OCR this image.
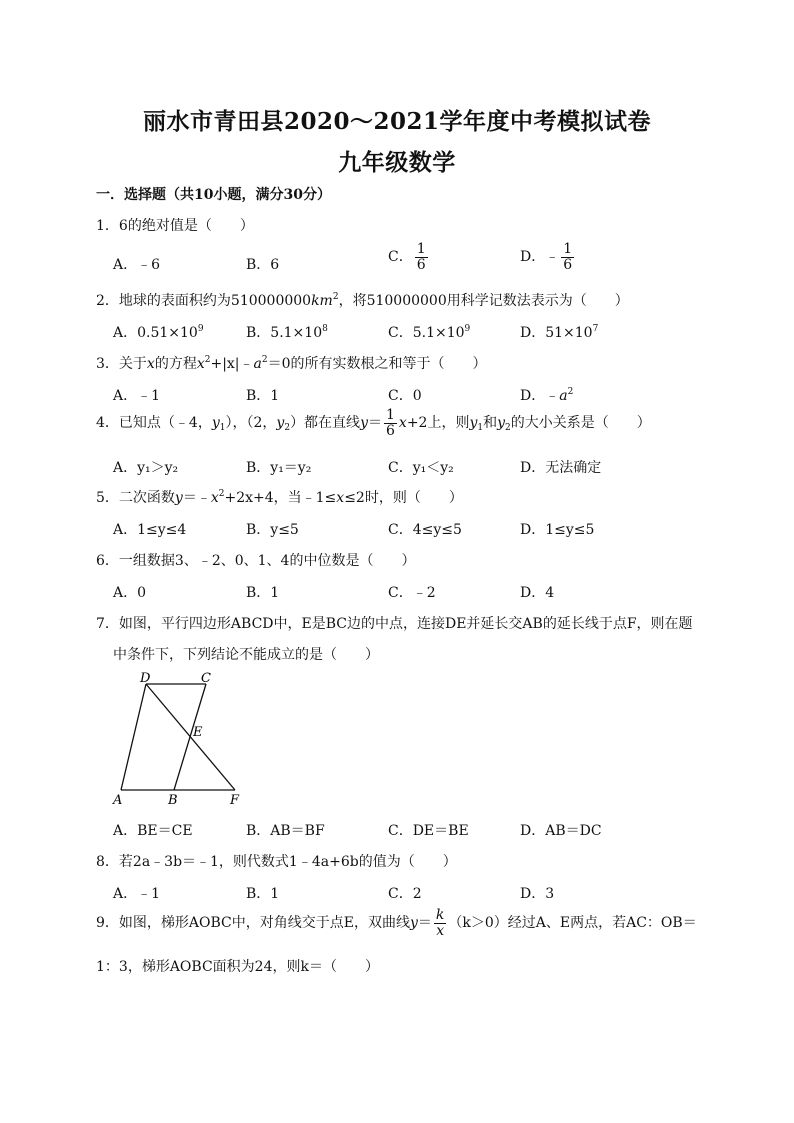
丽水市青田县2020～2021学年度中考模拟试卷
九年级数学
一．选择题（共10小题，满分30分）
1．6的绝对值是（　　）
A．﹣6	B．6	C． $\frac{1}{6}$	D．﹣ $\frac{1}{6}$
2．地球的表面积约为$510000000km^2$，将510000000用科学记数法表示为（　　）
A．$0.51\times 10^9$	B．$5.1\times 10^8$	C．$5.1\times 10^9$	D．$51\times 10^7$
3．关于x的方程$x^2+|x|﹣a^2=0$的所有实数根之和等于（　　）
A．﹣1	B．1	C．0	D．$﹣a^2$
4．已知点（﹣4，$y_1$），（2，$y_2$）都在直线$y= \frac{1}{6} x+2$上，则$y_1$和$y_2$的大小关系是（　　）
A．y₁＞y₂	B．y₁＝y₂	C．y₁＜y₂	D．无法确定
5．二次函数$y=﹣x^2+2x+4$，当﹣1≤x≤2时，则（　　）
A．1≤y≤4	B．y≤5	C．4≤y≤5	D．1≤y≤5
6．一组数据3、﹣2、0、1、4的中位数是（　　）
A．0	B．1	C．﹣2	D．4
7．如图，平行四边形ABCD中，E是BC边的中点，连接DE并延长交AB的延长线于点F，则在题
中条件下，下列结论不能成立的是（　　）
D	C
E
A	B	F
A．BE＝CE	B．AB＝BF	C．DE＝BE	D．AB＝DC
8．若2a﹣3b＝﹣1，则代数式1﹣4a+6b的值为（　　）
A．﹣1	B．1	C．2	D．3
9．如图，梯形AOBC中，对角线交于点E，双曲线$y= \frac{k}{x} (k>0)$经过A、E两点，若AC：OB＝
1：3，梯形AOBC面积为24，则k＝（　　）
